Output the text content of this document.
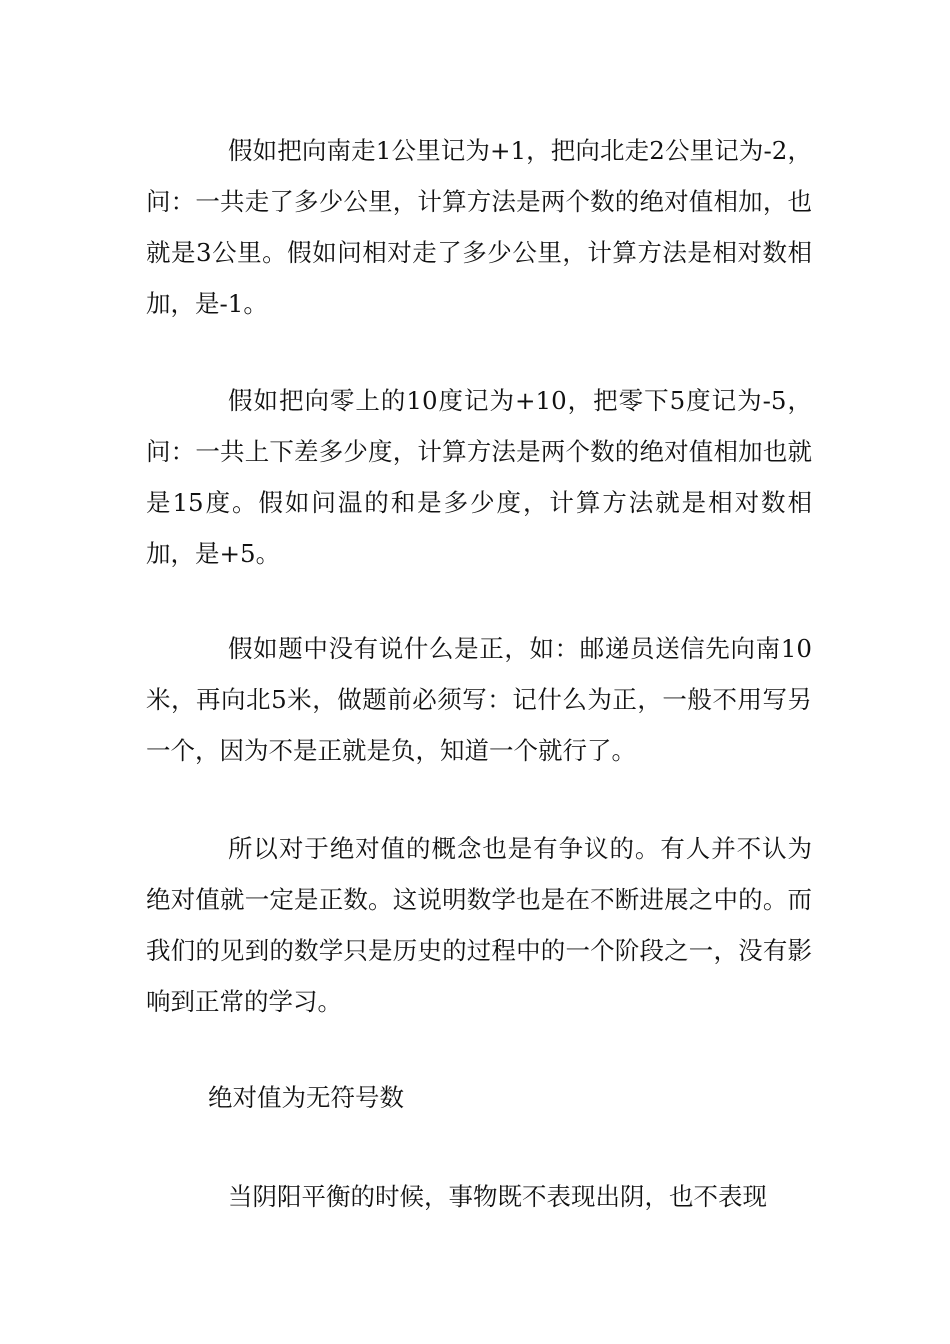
假如把向南走1公里记为+1，把向北走2公里记为-2，问：一共走了多少公里，计算方法是两个数的绝对值相加，也就是3公里。假如问相对走了多少公里，计算方法是相对数相加，是-1。

假如把向零上的10度记为+10，把零下5度记为-5，问：一共上下差多少度，计算方法是两个数的绝对值相加也就是15度。假如问温的和是多少度，计算方法就是相对数相加，是+5。

假如题中没有说什么是正，如：邮递员送信先向南10米，再向北5米，做题前必须写：记什么为正，一般不用写另一个，因为不是正就是负，知道一个就行了。

所以对于绝对值的概念也是有争议的。有人并不认为绝对值就一定是正数。这说明数学也是在不断进展之中的。而我们的见到的数学只是历史的过程中的一个阶段之一，没有影响到正常的学习。

绝对值为无符号数

当阴阳平衡的时候，事物既不表现出阴，也不表现
